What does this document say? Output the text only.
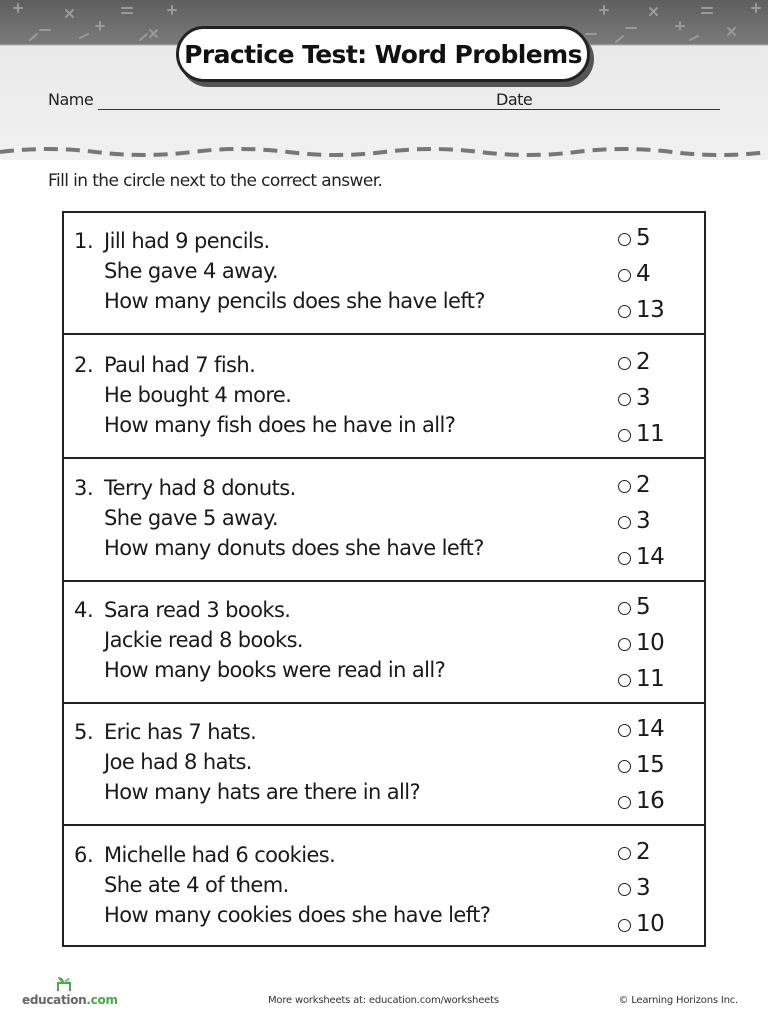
Practice Test: Word Problems
Name	Date
Fill in the circle next to the correct answer.
1. Jill had 9 pencils.
She gave 4 away.
How many pencils does she have left?
5
4
13
2. Paul had 7 fish.
He bought 4 more.
How many fish does he have in all?
2
3
11
3. Terry had 8 donuts.
She gave 5 away.
How many donuts does she have left?
2
3
14
4. Sara read 3 books.
Jackie read 8 books.
How many books were read in all?
5
10
11
5. Eric has 7 hats.
Joe had 8 hats.
How many hats are there in all?
14
15
16
6. Michelle had 6 cookies.
She ate 4 of them.
How many cookies does she have left?
2
3
10
education.com	More worksheets at: education.com/worksheets	© Learning Horizons Inc.
